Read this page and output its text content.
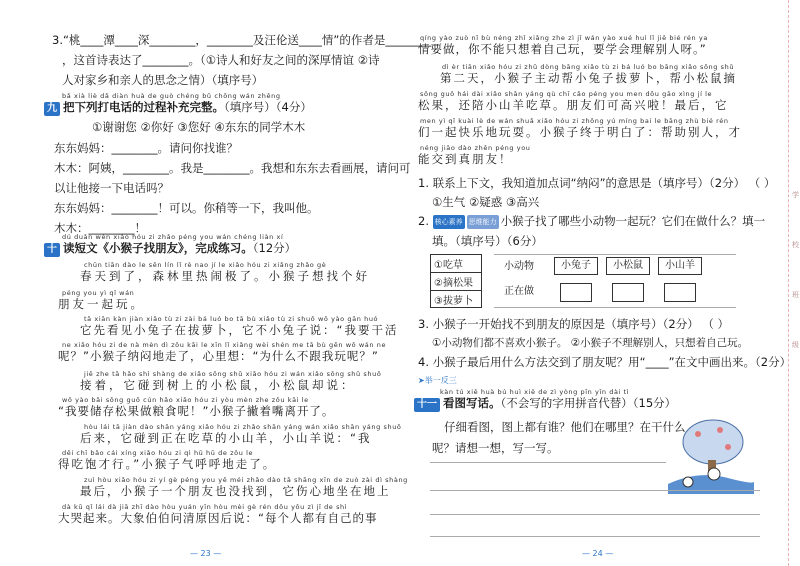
3.“桃____潭____深________，________及汪伦送____情”的作者是________
，这首诗表达了________。（①诗人和好友之间的深厚情谊 ②诗
人对家乡和亲人的思念之情）（填序号）
bǎ xià liè dǎ diàn huà de guò chéng bǔ chōng wán zhěng
九 把下列打电话的过程补充完整。（填序号）（4分）
①谢谢您 ②你好 ③您好 ④东东的同学木木
东东妈妈：________。请问你找谁？
木木：阿姨，________。我是________。我想和东东去看画展，请问可
以让他接一下电话吗？
东东妈妈：________！可以。你稍等一下，我叫他。
木木：________！
dú duǎn wén xiǎo hóu zi zhǎo péng you wán chéng liàn xí
十 读短文《小猴子找朋友》，完成练习。（12分）
chūn tiān dào le sēn lín lǐ rè nao jí le xiǎo hóu zi xiǎng zhǎo gè
春天到了，森林里热闹极了。小猴子想找个好
péng you yì qǐ wán
朋友一起玩。
tā xiān kàn jiàn xiǎo tù zi zài bá luó bo tā bù xiǎo tù zi shuō wǒ yào gān huó
它先看见小兔子在拔萝卜，它不小兔子说：“我要干活
ne xiǎo hóu zi de nà mèn dì zǒu kāi le xīn lǐ xiǎng wèi shén me tā bù gēn wǒ wán ne
呢？”小猴子纳闷地走了，心里想：“为什么不跟我玩呢？”
jiē zhe tā hǎo shì shàng de xiǎo sōng shǔ xiǎo hóu zi wán xiǎo sōng shǔ shuō
接着，它碰到树上的小松鼠，小松鼠却说：
wǒ yào bǎi sōng guǒ cún hǎo xiǎo hóu zi yòu mèn zhe zǒu kāi le
“我要储存松果做粮食呢！”小猴子撇着嘴离开了。
hòu lái tā jiàn dào shān yáng xiǎo hóu zi zhǎo shān yáng wán xiǎo shān yáng shuō
后来，它碰到正在吃草的小山羊，小山羊说：“我
děi chī bǎo cái xíng xiǎo hóu zi qì hū hū de zǒu le
得吃饱才行。”小猴子气呼呼地走了。
zuì hòu xiǎo hóu zi yí gè péng you yě méi zhǎo dào tā shāng xīn de zuò zài dì shàng
最后，小猴子一个朋友也没找到，它伤心地坐在地上
dà kū qǐ lái dà jiā zhī dào hòu yuán yīn hòu mèi gè rén dōu yǒu zì jǐ de shì
大哭起来。大象伯伯问清原因后说：“每个人都有自己的事
— 23 —
qíng yào zuò nǐ bù néng zhǐ xiǎng zhe zì jǐ wán yào xué huì lǐ jiě bié rén ya
情要做，你不能只想着自己玩，要学会理解别人呀。”
dì èr tiān xiǎo hóu zi zhǔ dòng bāng xiǎo tù zi bá luó bo bāng xiǎo sōng shǔ
第二天，小猴子主动帮小兔子拔萝卜，帮小松鼠摘
sōng guǒ hái dài xiǎo shān yáng qù chī cǎo péng you men dōu gāo xìng jí le
松果，还陪小山羊吃草。朋友们可高兴啦！最后，它
men yì qǐ kuài lè de wán shuǎ xiǎo hóu zi zhōng yú míng bai le bāng zhù bié rén
们一起快乐地玩耍。小猴子终于明白了：帮助别人，才
néng jiāo dào zhēn péng you
能交到真朋友！
1. 联系上下文，我知道加点词“纳闷”的意思是（填序号）（2分） （ ）
①生气 ②疑惑 ③高兴
2. 核心素养 思维能力 小猴子找了哪些小动物一起玩？它们在做什么？填一
填。（填序号）（6分）
①吃草
②摘松果
③拔萝卜
小动物
正在做
小兔子	小松鼠	小山羊
3. 小猴子一开始找不到朋友的原因是（填序号）（2分） （ ）
①小动物们都不喜欢小猴子。 ②小猴子不理解别人，只想着自己玩。
4. 小猴子最后用什么方法交到了朋友呢？用“____”在文中画出来。（2分）
➤举一反三
kàn tú xiě huà bú huì xiě de zì yòng pīn yīn dài tì
十一 看图写话。（不会写的字用拼音代替）（15分）
仔细看图，图上都有谁？他们在哪里？在干什么
呢？请想一想，写一写。
— 24 —
学
校
班
级
